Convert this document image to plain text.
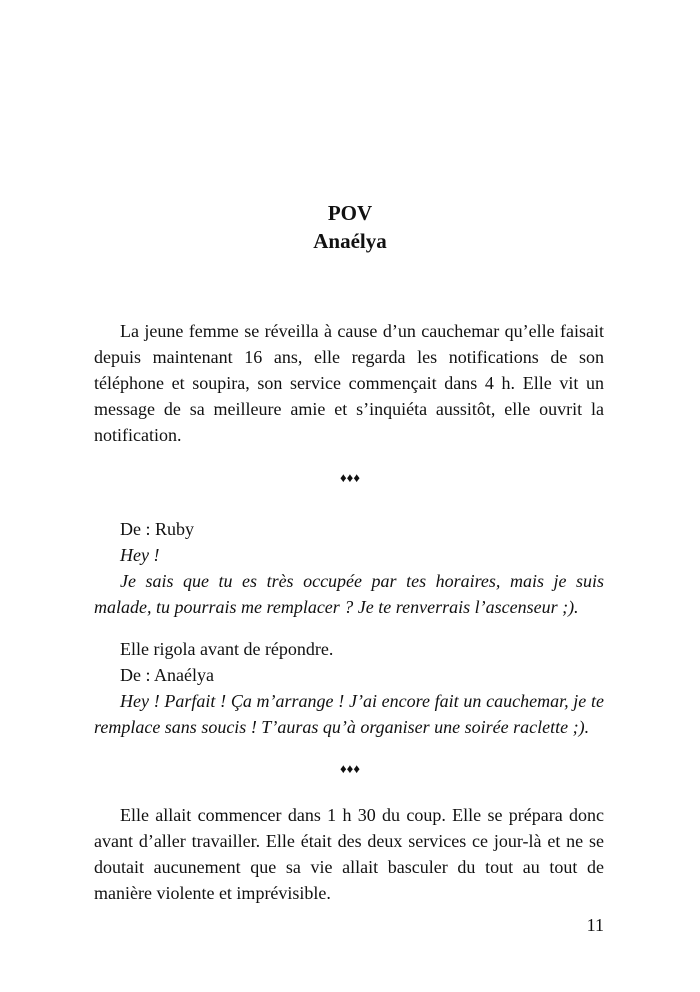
POV
Anaélya
La jeune femme se réveilla à cause d’un cauchemar qu’elle faisait depuis maintenant 16 ans, elle regarda les notifications de son téléphone et soupira, son service commençait dans 4 h. Elle vit un message de sa meilleure amie et s’inquiéta aussitôt, elle ouvrit la notification.
♦♦♦
De : Ruby
Hey !
Je sais que tu es très occupée par tes horaires, mais je suis malade, tu pourrais me remplacer ? Je te renverrais l’ascenseur ;).
Elle rigola avant de répondre.
De : Anaélya
Hey ! Parfait ! Ça m’arrange ! J’ai encore fait un cauchemar, je te remplace sans soucis ! T’auras qu’à organiser une soirée raclette ;).
♦♦♦
Elle allait commencer dans 1 h 30 du coup. Elle se prépara donc avant d’aller travailler. Elle était des deux services ce jour-là et ne se doutait aucunement que sa vie allait basculer du tout au tout de manière violente et imprévisible.
11
